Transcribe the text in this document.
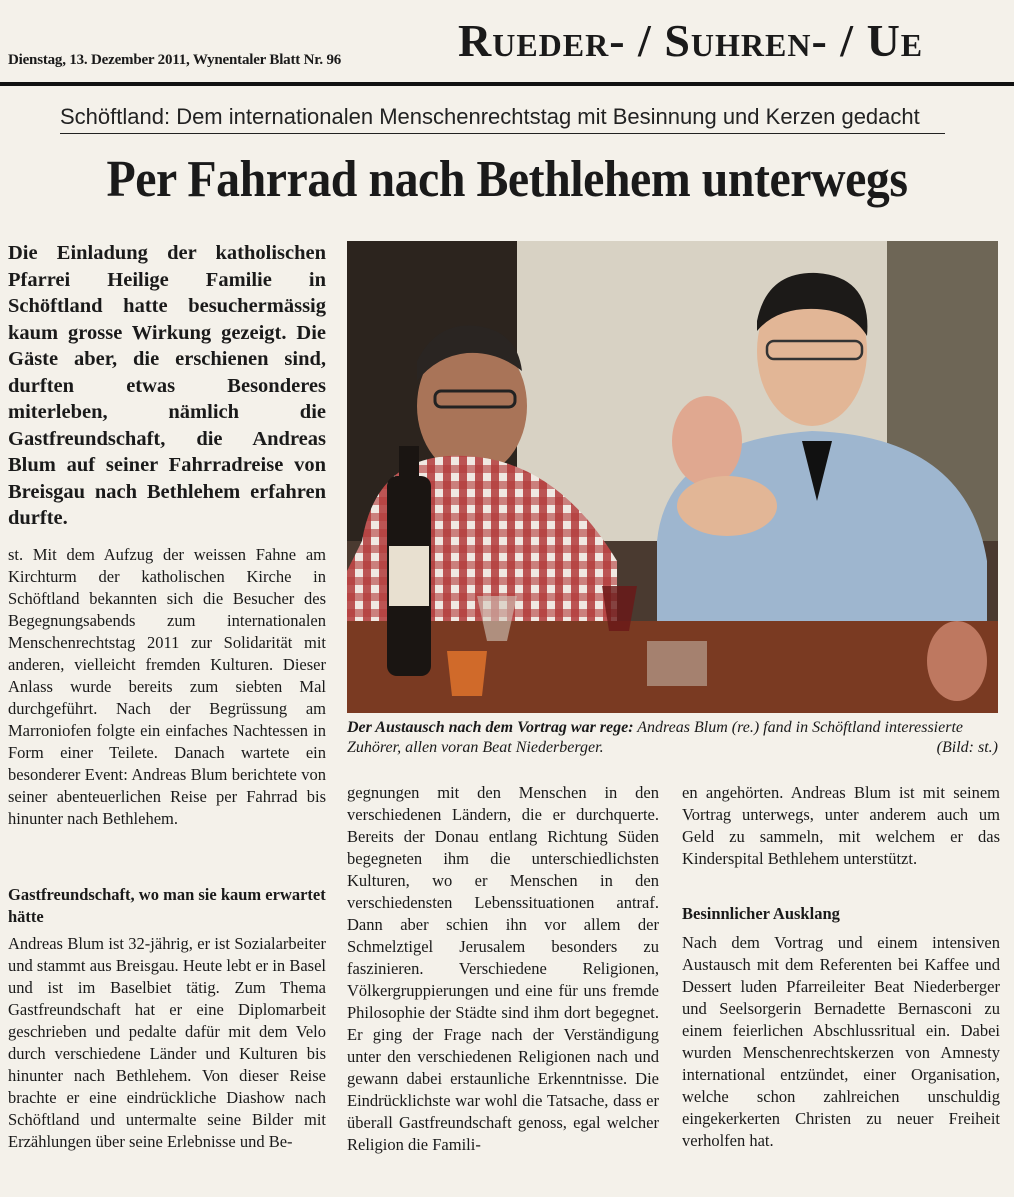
Dienstag, 13. Dezember 2011, Wynentaler Blatt Nr. 96	Rueder- / Suhren- / Ue
Schöftland: Dem internationalen Menschenrechtstag mit Besinnung und Kerzen gedacht
Per Fahrrad nach Bethlehem unterwegs
Die Einladung der katholischen Pfarrei Heilige Familie in Schöftland hatte besuchermässig kaum grosse Wirkung gezeigt. Die Gäste aber, die erschienen sind, durften etwas Besonderes miterleben, nämlich die Gastfreundschaft, die Andreas Blum auf seiner Fahrradreise von Breisgau nach Bethlehem erfahren durfte.

st. Mit dem Aufzug der weissen Fahne am Kirchturm der katholischen Kirche in Schöftland bekannten sich die Besucher des Begegnungsabends zum internationalen Menschenrechtstag 2011 zur Solidarität mit anderen, vielleicht fremden Kulturen. Dieser Anlass wurde bereits zum siebten Mal durchgeführt. Nach der Begrüssung am Marroniofen folgte ein einfaches Nachtessen in Form einer Teilete. Danach wartete ein besonderer Event: Andreas Blum berichtete von seiner abenteuerlichen Reise per Fahrrad bis hinunter nach Bethlehem.

Gastfreundschaft, wo man sie kaum erwartet hätte

Andreas Blum ist 32-jährig, er ist Sozialarbeiter und stammt aus Breisgau. Heute lebt er in Basel und ist im Baselbiet tätig. Zum Thema Gastfreundschaft hat er eine Diplomarbeit geschrieben und pedalte dafür mit dem Velo durch verschiedene Länder und Kulturen bis hinunter nach Bethlehem. Von dieser Reise brachte er eine eindrückliche Diashow nach Schöftland und untermalte seine Bilder mit Erzählungen über seine Erlebnisse und Be-

Der Austausch nach dem Vortrag war rege: Andreas Blum (re.) fand in Schöftland interessierte Zuhörer, allen voran Beat Niederberger.	(Bild: st.)

gegnungen mit den Menschen in den verschiedenen Ländern, die er durchquerte. Bereits der Donau entlang Richtung Süden begegneten ihm die unterschiedlichsten Kulturen, wo er Menschen in den verschiedensten Lebenssituationen antraf. Dann aber schien ihn vor allem der Schmelztigel Jerusalem besonders zu faszinieren. Verschiedene Religionen, Völkergruppierungen und eine für uns fremde Philosophie der Städte sind ihm dort begegnet. Er ging der Frage nach der Verständigung unter den verschiedenen Religionen nach und gewann dabei erstaunliche Erkenntnisse. Die Eindrücklichste war wohl die Tatsache, dass er überall Gastfreundschaft genoss, egal welcher Religion die Famili-

en angehörten. Andreas Blum ist mit seinem Vortrag unterwegs, unter anderem auch um Geld zu sammeln, mit welchem er das Kinderspital Bethlehem unterstützt.

Besinnlicher Ausklang

Nach dem Vortrag und einem intensiven Austausch mit dem Referenten bei Kaffee und Dessert luden Pfarreileiter Beat Niederberger und Seelsorgerin Bernadette Bernasconi zu einem feierlichen Abschlussritual ein. Dabei wurden Menschenrechtskerzen von Amnesty international entzündet, einer Organisation, welche schon zahlreichen unschuldig eingekerkerten Christen zu neuer Freiheit verholfen hat.
